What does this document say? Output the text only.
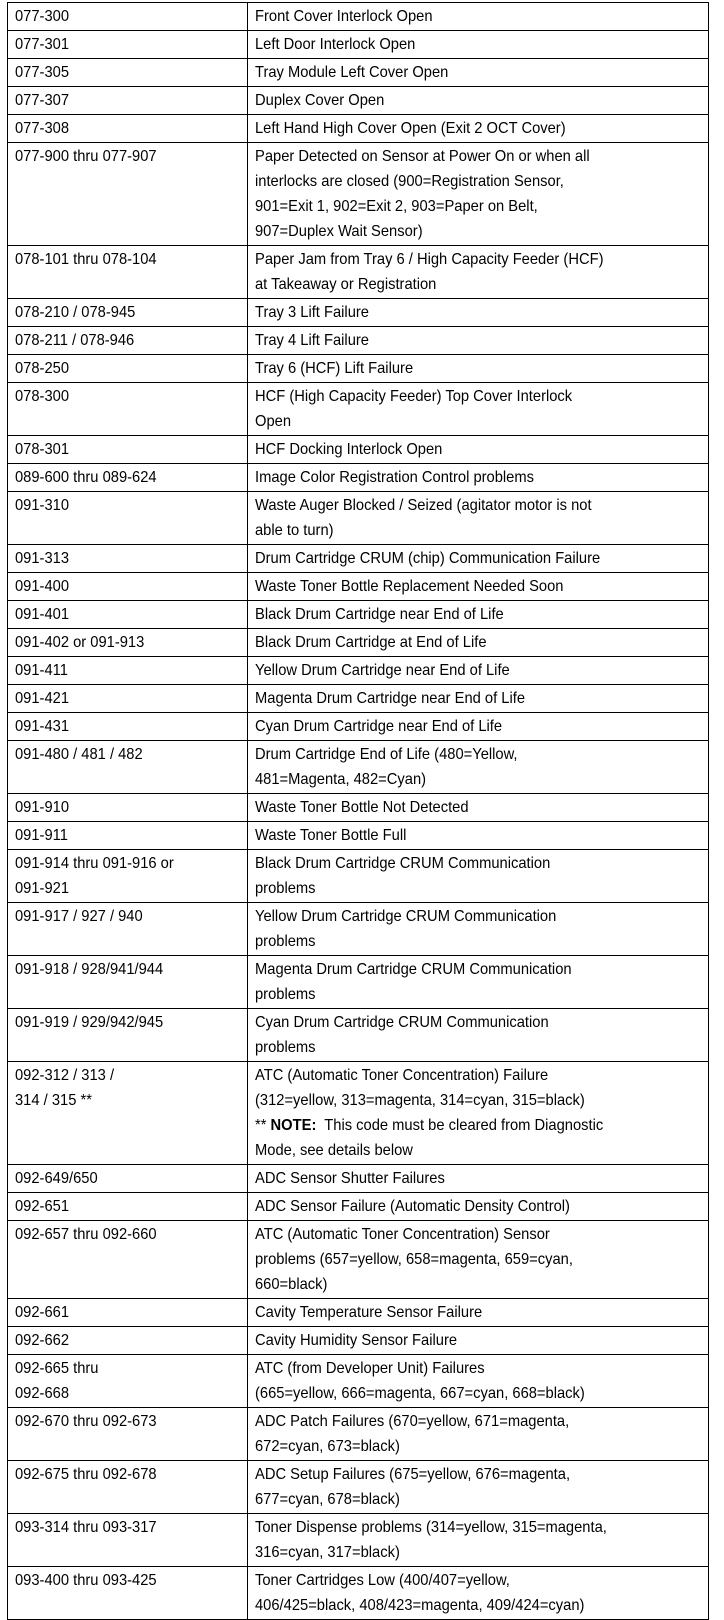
077-300	Front Cover Interlock Open

077-301	Left Door Interlock Open

077-305	Tray Module Left Cover Open

077-307	Duplex Cover Open

077-308	Left Hand High Cover Open (Exit 2 OCT Cover)

077-900 thru 077-907	Paper Detected on Sensor at Power On or when all
interlocks are closed (900=Registration Sensor,
901=Exit 1, 902=Exit 2, 903=Paper on Belt,
907=Duplex Wait Sensor)

078-101 thru 078-104	Paper Jam from Tray 6 / High Capacity Feeder (HCF)
at Takeaway or Registration

078-210 / 078-945	Tray 3 Lift Failure

078-211 / 078-946	Tray 4 Lift Failure

078-250	Tray 6 (HCF) Lift Failure

078-300	HCF (High Capacity Feeder) Top Cover Interlock
Open

078-301	HCF Docking Interlock Open

089-600 thru 089-624	Image Color Registration Control problems

091-310	Waste Auger Blocked / Seized (agitator motor is not
able to turn)

091-313	Drum Cartridge CRUM (chip) Communication Failure

091-400	Waste Toner Bottle Replacement Needed Soon

091-401	Black Drum Cartridge near End of Life

091-402 or 091-913	Black Drum Cartridge at End of Life

091-411	Yellow Drum Cartridge near End of Life

091-421	Magenta Drum Cartridge near End of Life

091-431	Cyan Drum Cartridge near End of Life

091-480 / 481 / 482	Drum Cartridge End of Life (480=Yellow,
481=Magenta, 482=Cyan)

091-910	Waste Toner Bottle Not Detected

091-911	Waste Toner Bottle Full

091-914 thru 091-916 or
091-921	Black Drum Cartridge CRUM Communication
problems

091-917 / 927 / 940	Yellow Drum Cartridge CRUM Communication
problems

091-918 / 928/941/944	Magenta Drum Cartridge CRUM Communication
problems

091-919 / 929/942/945	Cyan Drum Cartridge CRUM Communication
problems

092-312 / 313 /
314 / 315 **	ATC (Automatic Toner Concentration) Failure
(312=yellow, 313=magenta, 314=cyan, 315=black)
** NOTE:  This code must be cleared from Diagnostic
Mode, see details below

092-649/650	ADC Sensor Shutter Failures

092-651	ADC Sensor Failure (Automatic Density Control)

092-657 thru 092-660	ATC (Automatic Toner Concentration) Sensor
problems (657=yellow, 658=magenta, 659=cyan,
660=black)

092-661	Cavity Temperature Sensor Failure

092-662	Cavity Humidity Sensor Failure

092-665 thru
092-668	ATC (from Developer Unit) Failures
(665=yellow, 666=magenta, 667=cyan, 668=black)

092-670 thru 092-673	ADC Patch Failures (670=yellow, 671=magenta,
672=cyan, 673=black)

092-675 thru 092-678	ADC Setup Failures (675=yellow, 676=magenta,
677=cyan, 678=black)

093-314 thru 093-317	Toner Dispense problems (314=yellow, 315=magenta,
316=cyan, 317=black)

093-400 thru 093-425	Toner Cartridges Low (400/407=yellow,
406/425=black, 408/423=magenta, 409/424=cyan)
